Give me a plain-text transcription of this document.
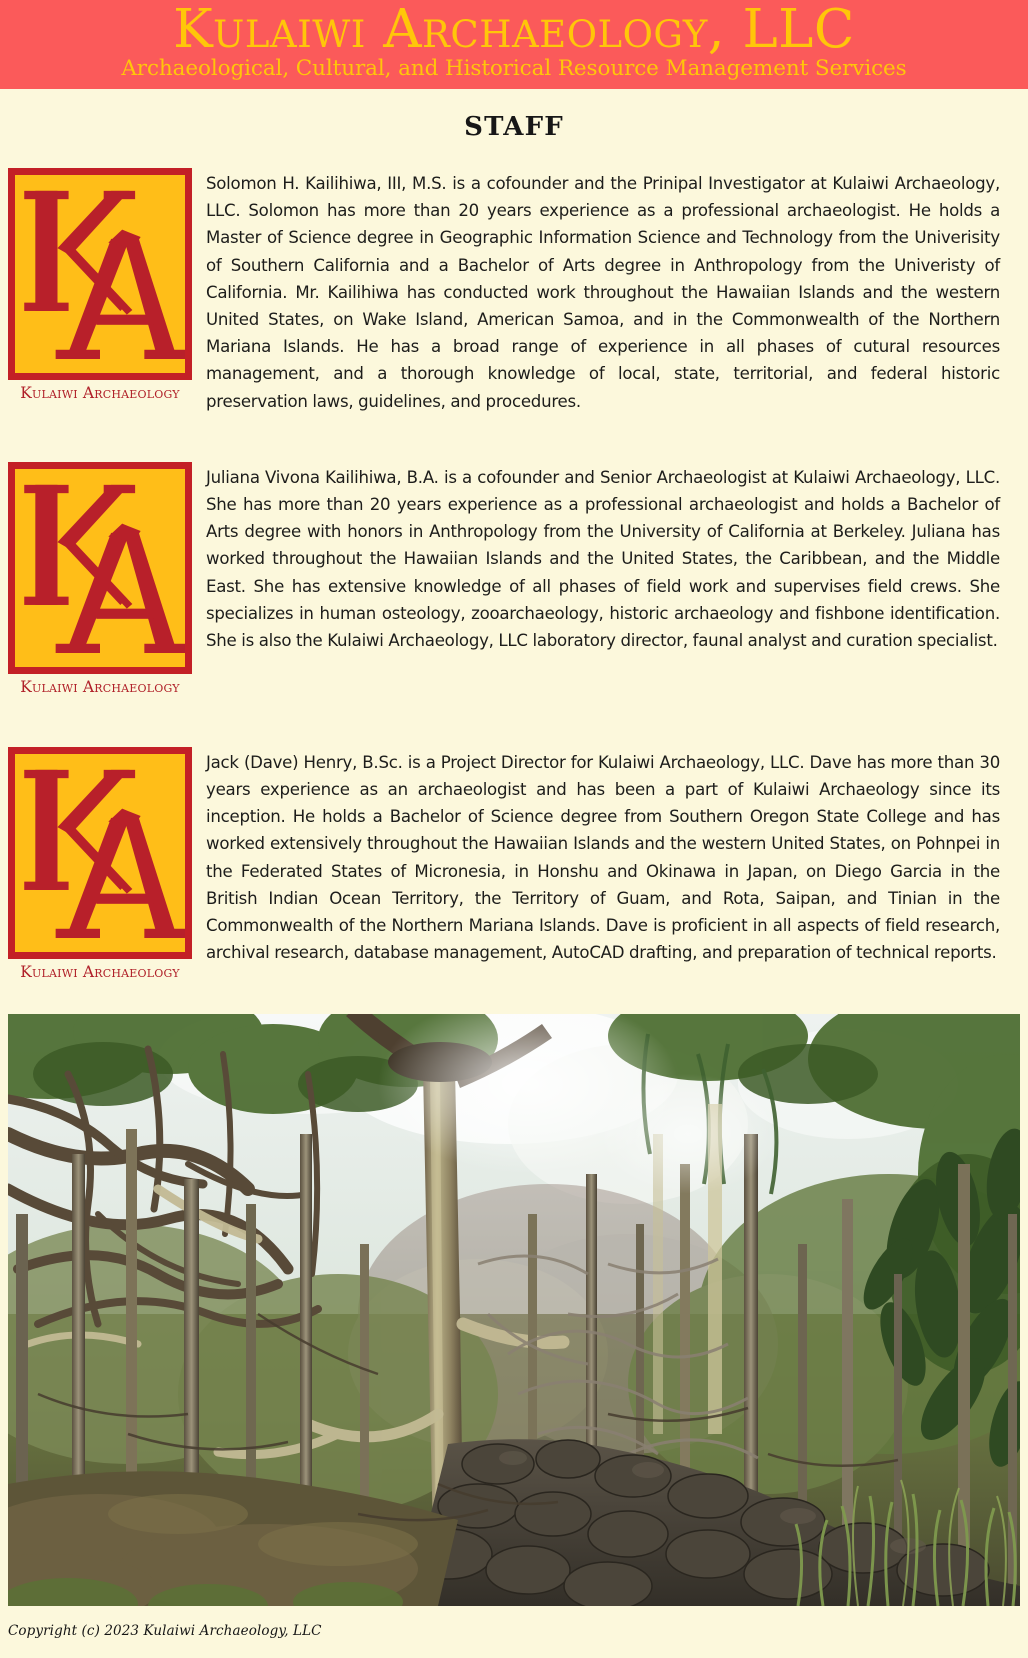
Kulaiwi Archaeology, LLC
Archaeological, Cultural, and Historical Resource Management Services
STAFF
Kulaiwi Archaeology

Solomon H. Kailihiwa, III, M.S. is a cofounder and the Prinipal Investigator at Kulaiwi Archaeology, LLC. Solomon has more than 20 years experience as a professional archaeologist. He holds a Master of Science degree in Geographic Information Science and Technology from the Univerisity of Southern California and a Bachelor of Arts degree in Anthropology from the Univeristy of California. Mr. Kailihiwa has conducted work throughout the Hawaiian Islands and the western United States, on Wake Island, American Samoa, and in the Commonwealth of the Northern Mariana Islands. He has a broad range of experience in all phases of cutural resources management, and a thorough knowledge of local, state, territorial, and federal historic preservation laws, guidelines, and procedures.

Kulaiwi Archaeology

Juliana Vivona Kailihiwa, B.A. is a cofounder and Senior Archaeologist at Kulaiwi Archaeology, LLC. She has more than 20 years experience as a professional archaeologist and holds a Bachelor of Arts degree with honors in Anthropology from the University of California at Berkeley. Juliana has worked throughout the Hawaiian Islands and the United States, the Caribbean, and the Middle East. She has extensive knowledge of all phases of field work and supervises field crews. She specializes in human osteology, zooarchaeology, historic archaeology and fishbone identification. She is also the Kulaiwi Archaeology, LLC laboratory director, faunal analyst and curation specialist.

Kulaiwi Archaeology

Jack (Dave) Henry, B.Sc. is a Project Director for Kulaiwi Archaeology, LLC. Dave has more than 30 years experience as an archaeologist and has been a part of Kulaiwi Archaeology since its inception. He holds a Bachelor of Science degree from Southern Oregon State College and has worked extensively throughout the Hawaiian Islands and the western United States, on Pohnpei in the Federated States of Micronesia, in Honshu and Okinawa in Japan, on Diego Garcia in the British Indian Ocean Territory, the Territory of Guam, and Rota, Saipan, and Tinian in the Commonwealth of the Northern Mariana Islands. Dave is proficient in all aspects of field research, archival research, database management, AutoCAD drafting, and preparation of technical reports.

Copyright (c) 2023 Kulaiwi Archaeology, LLC
